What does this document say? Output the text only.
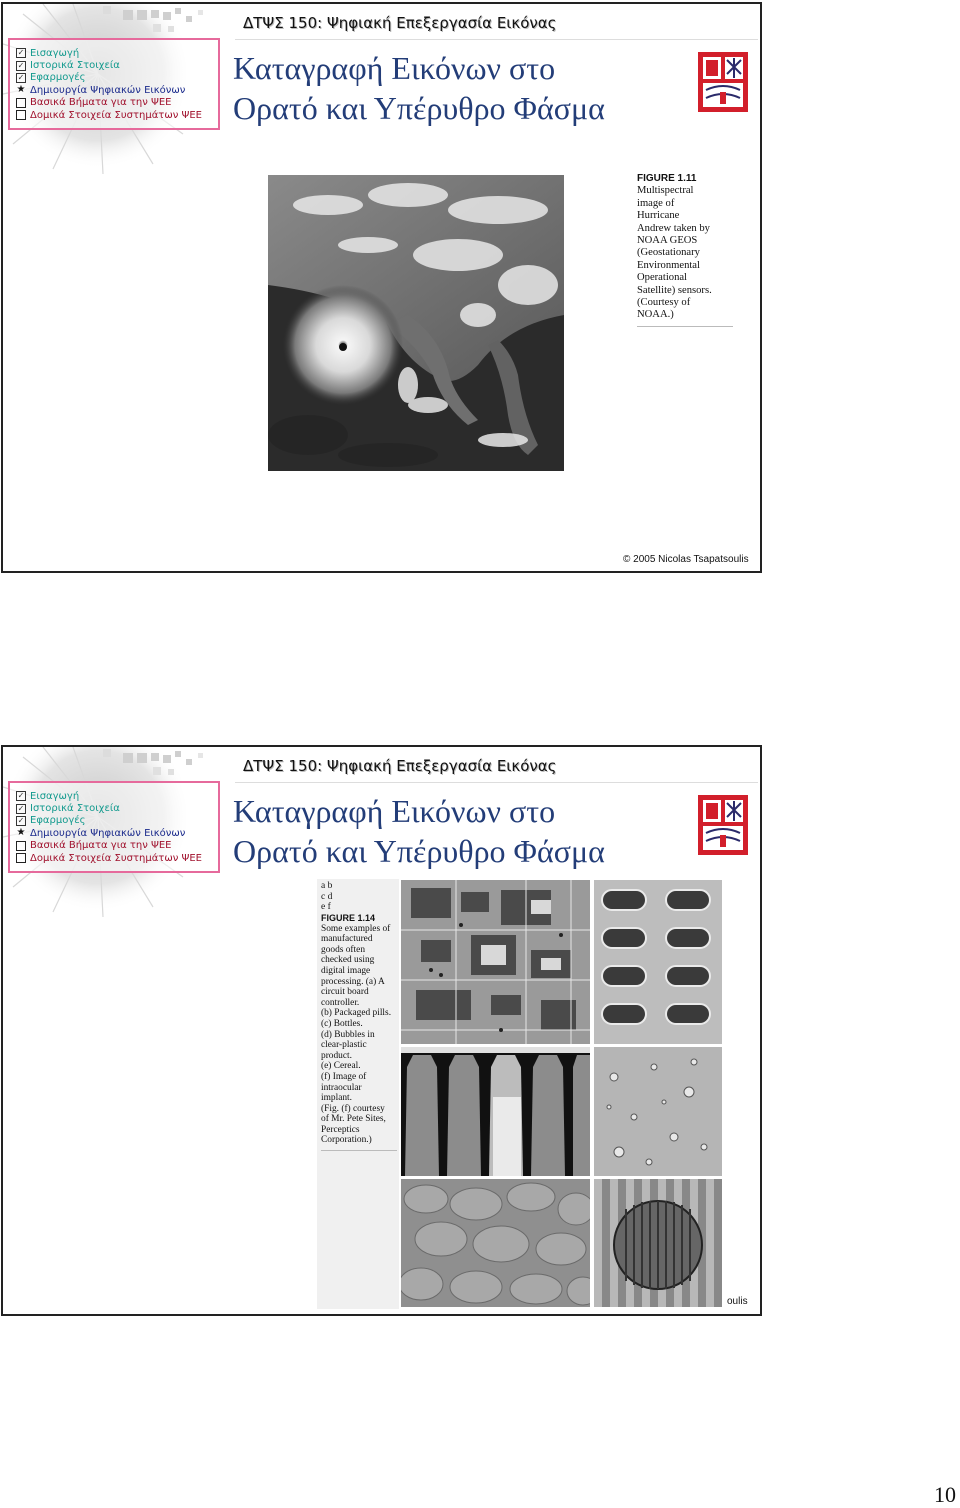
ΔΤΨΣ 150: Ψηφιακή Επεξεργασία Εικόνας
✓ Εισαγωγή
✓ Ιστορικά Στοιχεία
✓ Εφαρμογές
★ Δημιουργία Ψηφιακών Εικόνων
Βασικά Βήματα για την ΨΕΕ
Δομικά Στοιχεία Συστημάτων ΨΕΕ
Καταγραφή Εικόνων στο
Ορατό και Υπέρυθρο Φάσμα
FIGURE 1.11
Multispectral
image of
Hurricane
Andrew taken by
NOAA GEOS
(Geostationary
Environmental
Operational
Satellite) sensors.
(Courtesy of
NOAA.)
© 2005 Nicolas Tsapatsoulis
ΔΤΨΣ 150: Ψηφιακή Επεξεργασία Εικόνας
✓ Εισαγωγή
✓ Ιστορικά Στοιχεία
✓ Εφαρμογές
★ Δημιουργία Ψηφιακών Εικόνων
Βασικά Βήματα για την ΨΕΕ
Δομικά Στοιχεία Συστημάτων ΨΕΕ
Καταγραφή Εικόνων στο
Ορατό και Υπέρυθρο Φάσμα
a b
c d
e f
FIGURE 1.14
Some examples of
manufactured
goods often
checked using
digital image
processing. (a) A
circuit board
controller.
(b) Packaged pills.
(c) Bottles.
(d) Bubbles in
clear-plastic
product.
(e) Cereal.
(f) Image of
intraocular
implant.
(Fig. (f) courtesy
of Mr. Pete Sites,
Perceptics
Corporation.)
oulis
10
